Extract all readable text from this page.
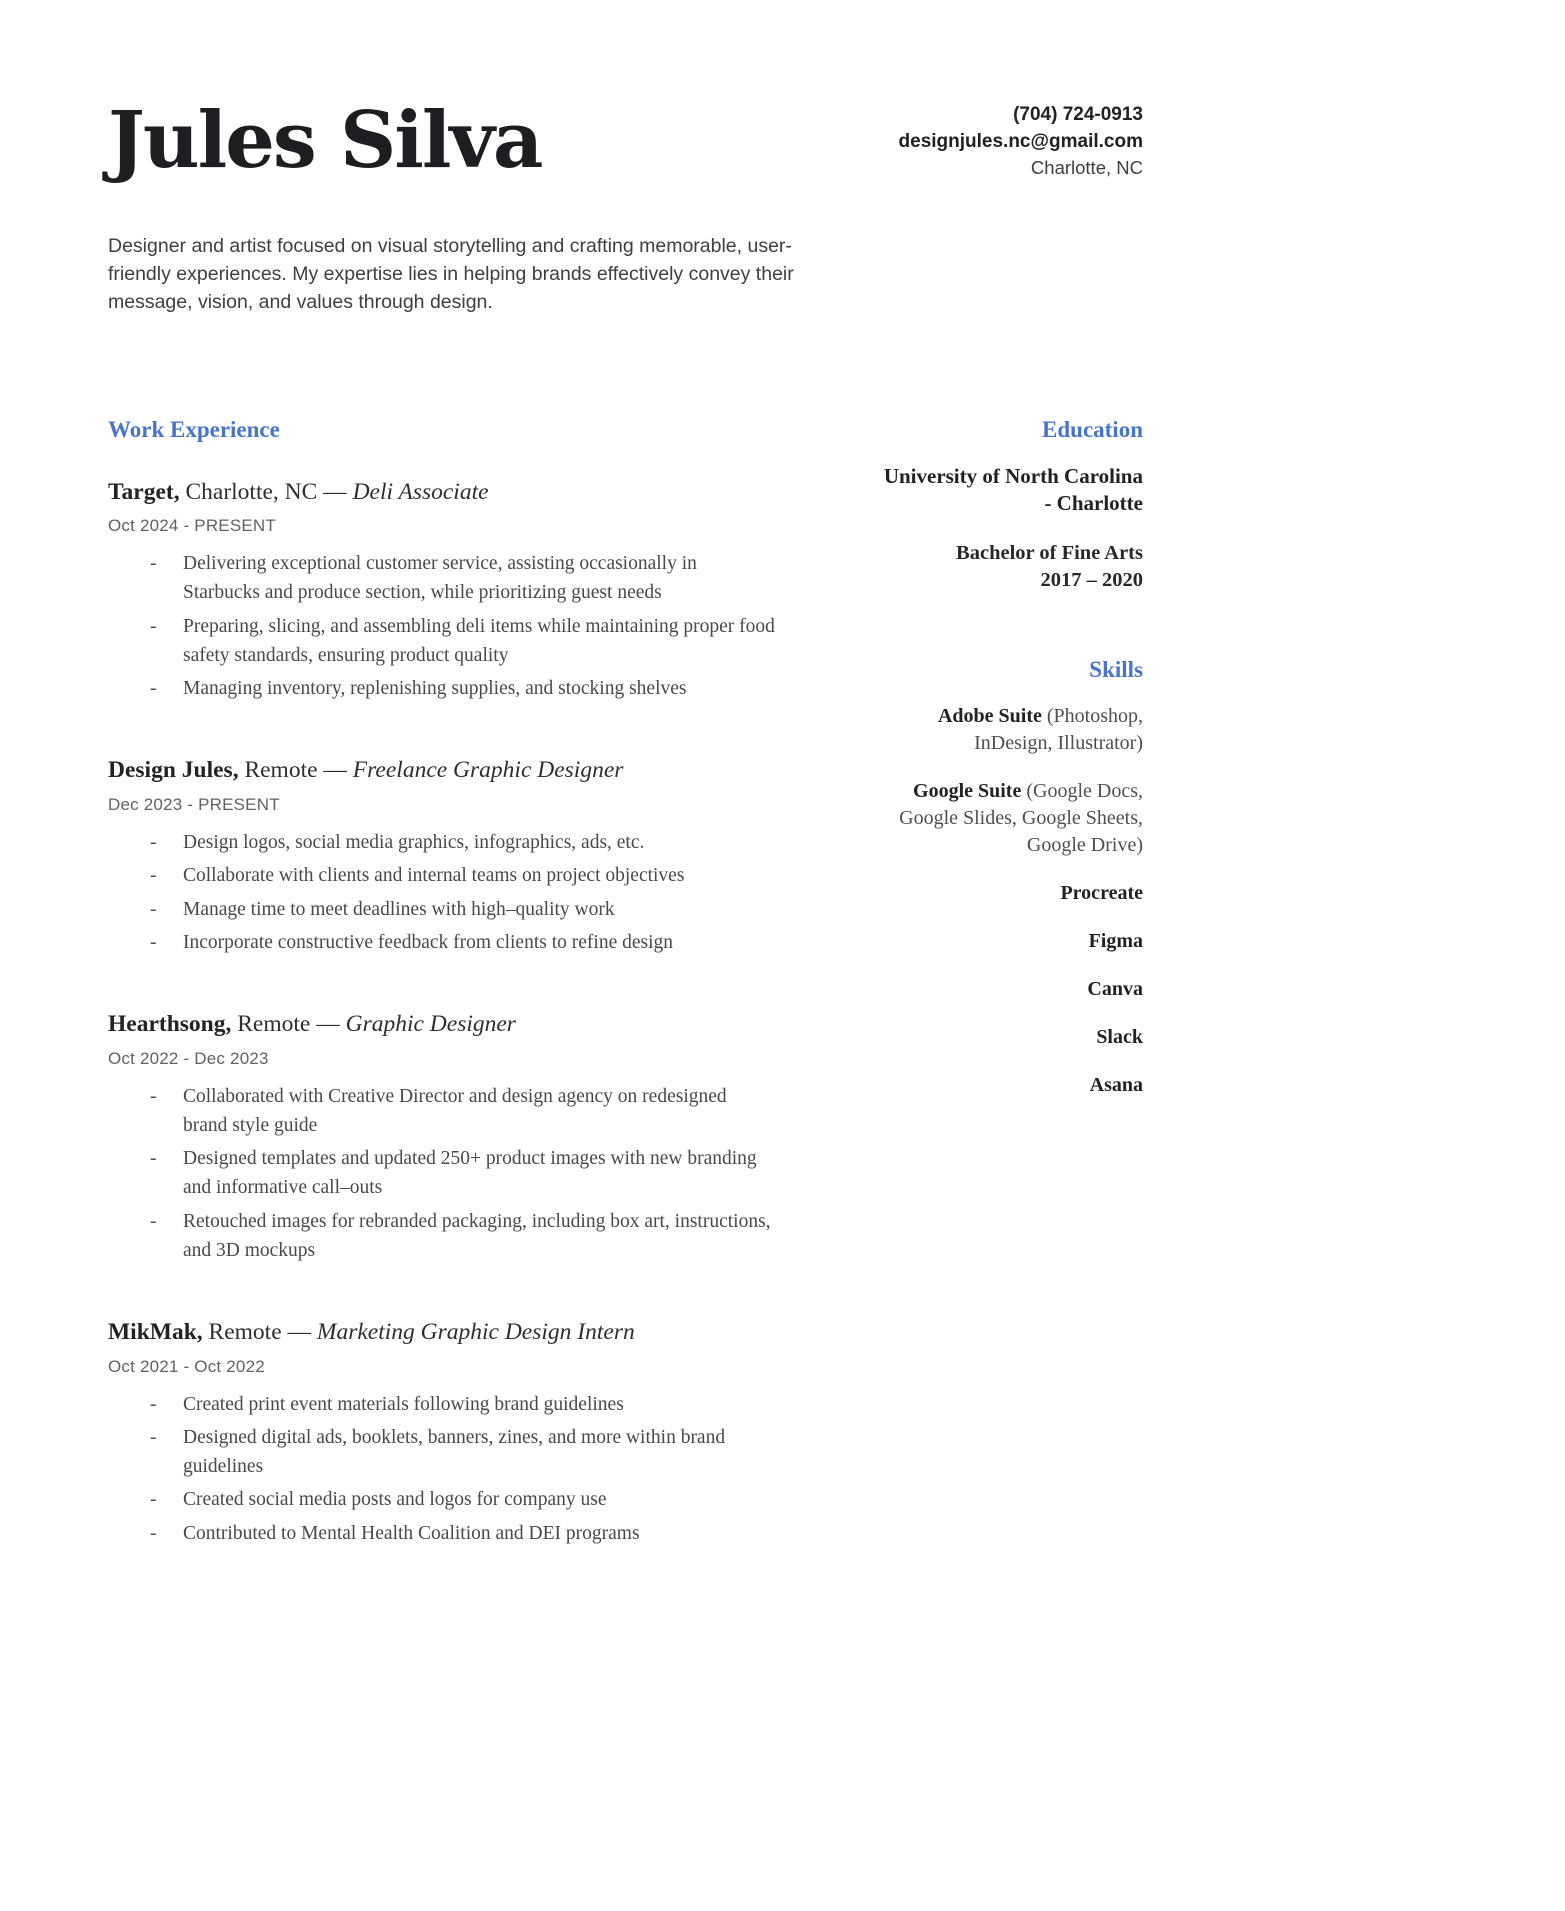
Jules Silva	(704) 724-0913
designjules.nc@gmail.com
Charlotte, NC

Designer and artist focused on visual storytelling and crafting memorable, user-friendly experiences. My expertise lies in helping brands effectively convey their message, vision, and values through design.

Work Experience
Target, Charlotte, NC — Deli Associate
Oct 2024 - PRESENT
- Delivering exceptional customer service, assisting occasionally in Starbucks and produce section, while prioritizing guest needs
- Preparing, slicing, and assembling deli items while maintaining proper food safety standards, ensuring product quality
- Managing inventory, replenishing supplies, and stocking shelves
Design Jules, Remote — Freelance Graphic Designer
Dec 2023 - PRESENT
- Design logos, social media graphics, infographics, ads, etc.
- Collaborate with clients and internal teams on project objectives
- Manage time to meet deadlines with high–quality work
- Incorporate constructive feedback from clients to refine design
Hearthsong, Remote — Graphic Designer
Oct 2022 - Dec 2023
- Collaborated with Creative Director and design agency on redesigned brand style guide
- Designed templates and updated 250+ product images with new branding and informative call–outs
- Retouched images for rebranded packaging, including box art, instructions, and 3D mockups
MikMak, Remote — Marketing Graphic Design Intern
Oct 2021 - Oct 2022
- Created print event materials following brand guidelines
- Designed digital ads, booklets, banners, zines, and more within brand guidelines
- Created social media posts and logos for company use
- Contributed to Mental Health Coalition and DEI programs
Education
University of North Carolina - Charlotte
Bachelor of Fine Arts
2017 – 2020
Skills
Adobe Suite (Photoshop, InDesign, Illustrator)
Google Suite (Google Docs, Google Slides, Google Sheets, Google Drive)
Procreate
Figma
Canva
Slack
Asana
